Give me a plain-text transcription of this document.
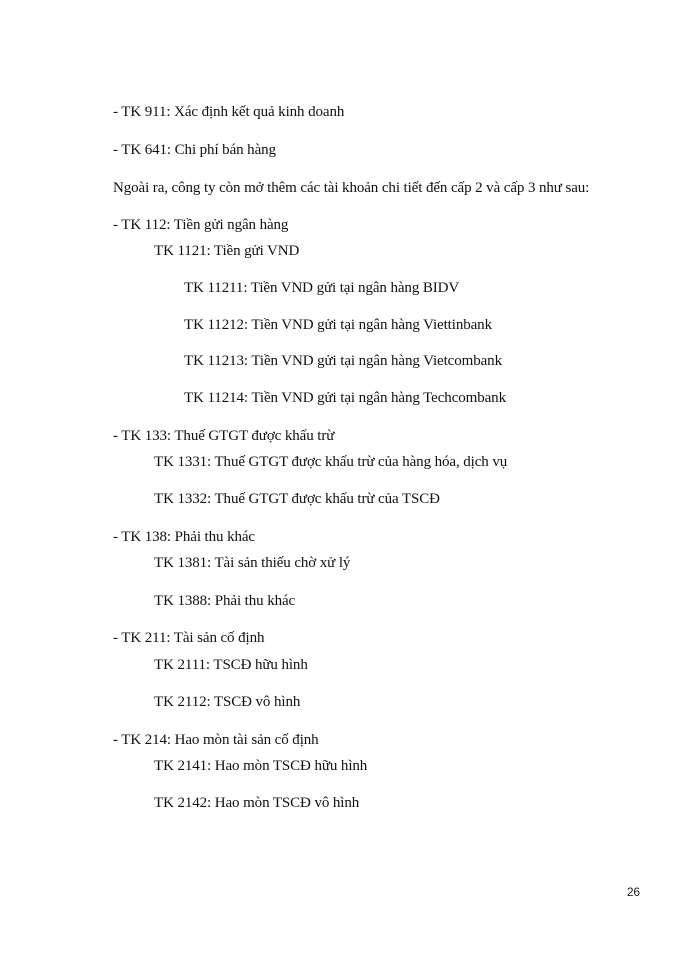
- TK 911: Xác định kết quả kinh doanh
- TK 641: Chi phí bán hàng
Ngoài ra, công ty còn mở thêm các tài khoản chi tiết đến cấp 2 và cấp 3 như sau:
- TK 112: Tiền gửi ngân hàng
TK 1121: Tiền gửi VND
TK 11211: Tiền VND gửi tại ngân hàng BIDV
TK 11212: Tiền VND gửi tại ngân hàng Viettinbank
TK 11213: Tiền VND gửi tại ngân hàng Vietcombank
TK 11214: Tiền VND gửi tại ngân hàng Techcombank
- TK 133: Thuế GTGT được khấu trừ
TK 1331: Thuế GTGT được khấu trừ của hàng hóa, dịch vụ
TK 1332: Thuế GTGT được khấu trừ của TSCĐ
- TK 138: Phải thu khác
TK 1381: Tài sản thiếu chờ xử lý
TK 1388: Phải thu khác
- TK 211: Tài sản cố định
TK 2111: TSCĐ hữu hình
TK 2112: TSCĐ vô hình
- TK 214: Hao mòn tài sản cố định
TK 2141: Hao mòn TSCĐ hữu hình
TK 2142: Hao mòn TSCĐ vô hình
26
